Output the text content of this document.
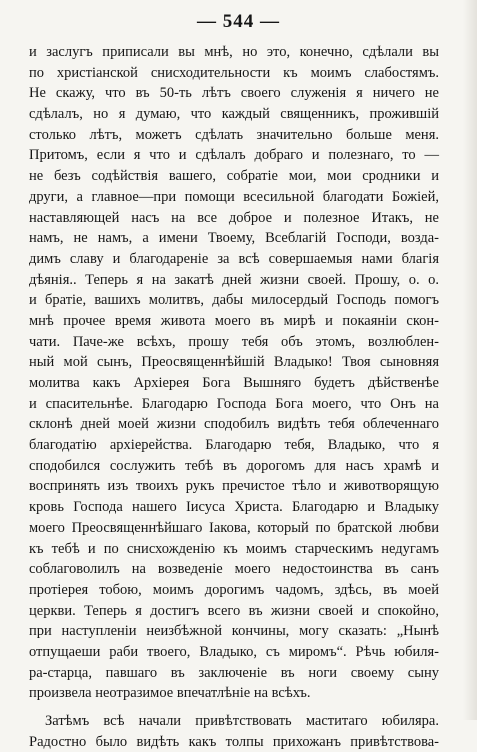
— 544 —
и заслугъ приписали вы мнѣ, но это, конечно, сдѣлали вы
по христіанской снисходительности къ моимъ слабостямъ.
Не скажу, что въ 50-ть лѣтъ своего служенія я ничего не
сдѣлалъ, но я думаю, что каждый священникъ, прожившій
столько лѣтъ, можетъ сдѣлать значительно больше меня.
Притомъ, если я что и сдѣлалъ добраго и полезнаго, то —
не безъ содѣйствія вашего, собратіе мои, мои сродники и
други, а главное—при помощи всесильной благодати Божіей,
наставляющей насъ на все доброе и полезное Итакъ, не
намъ, не намъ, а имени Твоему, Всеблагій Господи, возда-
димъ славу и благодареніе за всѣ совершаемыя нами благія
дѣянія.. Теперь я на закатѣ дней жизни своей. Прошу, о. о.
и братіе, вашихъ молитвъ, дабы милосердый Господь помогъ
мнѣ прочее время живота моего въ мирѣ и покаяніи скон-
чати. Паче-же всѣхъ, прошу тебя объ этомъ, возлюблен-
ный мой сынъ, Преосвященнѣйшій Владыко! Твоя сыновняя
молитва какъ Архіерея Бога Вышняго будетъ дѣйственѣе
и спасительнѣе. Благодарю Господа Бога моего, что Онъ на
склонѣ дней моей жизни сподобилъ видѣть тебя облеченнаго
благодатію архіерейства. Благодарю тебя, Владыко, что я
сподобился сослужить тебѣ въ дорогомъ для насъ храмѣ и
воспринять изъ твоихъ рукъ пречистое тѣло и животворящую
кровь Господа нашего Іисуса Христа. Благодарю и Владыку
моего Преосвященнѣйшаго Іакова, который по братской любви
къ тебѣ и по снисхожденію къ моимъ старческимъ недугамъ
соблаговолилъ на возведеніе моего недостоинства въ санъ
протіерея тобою, моимъ дорогимъ чадомъ, здѣсь, въ моей
церкви. Теперь я достигъ всего въ жизни своей и спокойно,
при наступленіи неизбѣжной кончины, могу сказать: „Нынѣ
отпущаеши раби твоего, Владыко, съ миромъ“. Рѣчь юбиля-
ра-старца, павшаго въ заключеніе въ ноги своему сыну
произвела неотразимое впечатлѣніе на всѣхъ.
Затѣмъ всѣ начали привѣтствовать маститаго юбиляра.
Радостно было видѣть какъ толпы прихожанъ привѣтствова-
